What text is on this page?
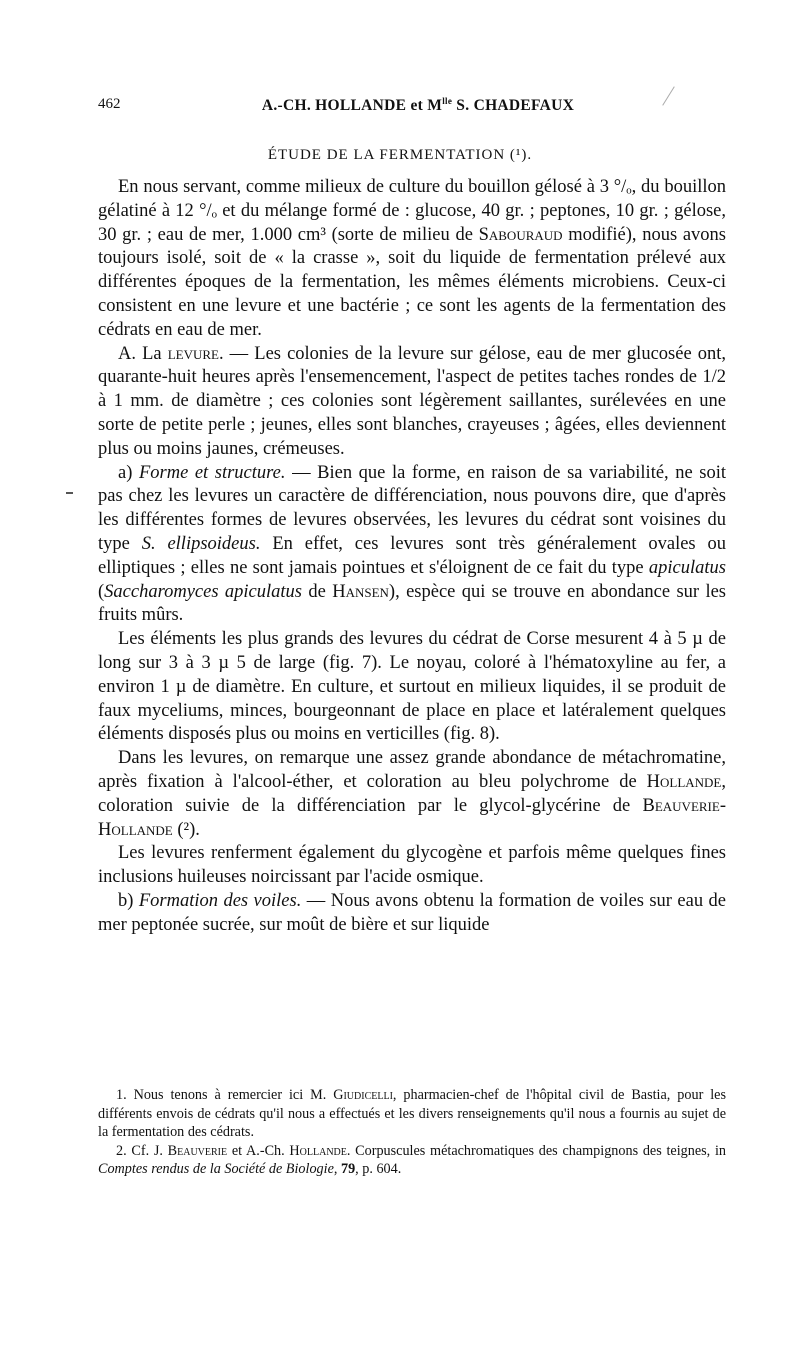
462	A.-CH. HOLLANDE et $M^{lle}$ S. CHADEFAUX
ÉTUDE DE LA FERMENTATION (¹).

En nous servant, comme milieux de culture du bouillon gélosé à 3 °/ₒ, du bouillon gélatiné à 12 °/ₒ et du mélange formé de : glucose, 40 gr. ; peptones, 10 gr. ; gélose, 30 gr. ; eau de mer, 1.000 cm³ (sorte de milieu de Sabouraud modifié), nous avons toujours isolé, soit de « la crasse », soit du liquide de fermentation prélevé aux différentes époques de la fermentation, les mêmes éléments microbiens. Ceux-ci consistent en une levure et une bactérie ; ce sont les agents de la fermentation des cédrats en eau de mer.

A. La levure. — Les colonies de la levure sur gélose, eau de mer glucosée ont, quarante-huit heures après l'ensemencement, l'aspect de petites taches rondes de 1/2 à 1 mm. de diamètre ; ces colonies sont légèrement saillantes, surélevées en une sorte de petite perle ; jeunes, elles sont blanches, crayeuses ; âgées, elles deviennent plus ou moins jaunes, crémeuses.

a) Forme et structure. — Bien que la forme, en raison de sa variabilité, ne soit pas chez les levures un caractère de différenciation, nous pouvons dire, que d'après les différentes formes de levures observées, les levures du cédrat sont voisines du type S. ellipsoideus. En effet, ces levures sont très généralement ovales ou elliptiques ; elles ne sont jamais pointues et s'éloignent de ce fait du type apiculatus (Saccharomyces apiculatus de Hansen), espèce qui se trouve en abondance sur les fruits mûrs.

Les éléments les plus grands des levures du cédrat de Corse mesurent 4 à 5 µ de long sur 3 à 3 µ 5 de large (fig. 7). Le noyau, coloré à l'hématoxyline au fer, a environ 1 µ de diamètre. En culture, et surtout en milieux liquides, il se produit de faux myceliums, minces, bourgeonnant de place en place et latéralement quelques éléments disposés plus ou moins en verticilles (fig. 8).

Dans les levures, on remarque une assez grande abondance de métachromatine, après fixation à l'alcool-éther, et coloration au bleu polychrome de Hollande, coloration suivie de la différenciation par le glycol-glycérine de Beauverie-Hollande (²).

Les levures renferment également du glycogène et parfois même quelques fines inclusions huileuses noircissant par l'acide osmique.

b) Formation des voiles. — Nous avons obtenu la formation de voiles sur eau de mer peptonée sucrée, sur moût de bière et sur liquide

1. Nous tenons à remercier ici M. Giudicelli, pharmacien-chef de l'hôpital civil de Bastia, pour les différents envois de cédrats qu'il nous a effectués et les divers renseignements qu'il nous a fournis au sujet de la fermentation des cédrats.

2. Cf. J. Beauverie et A.-Ch. Hollande. Corpuscules métachromatiques des champignons des teignes, in Comptes rendus de la Société de Biologie, 79, p. 604.
